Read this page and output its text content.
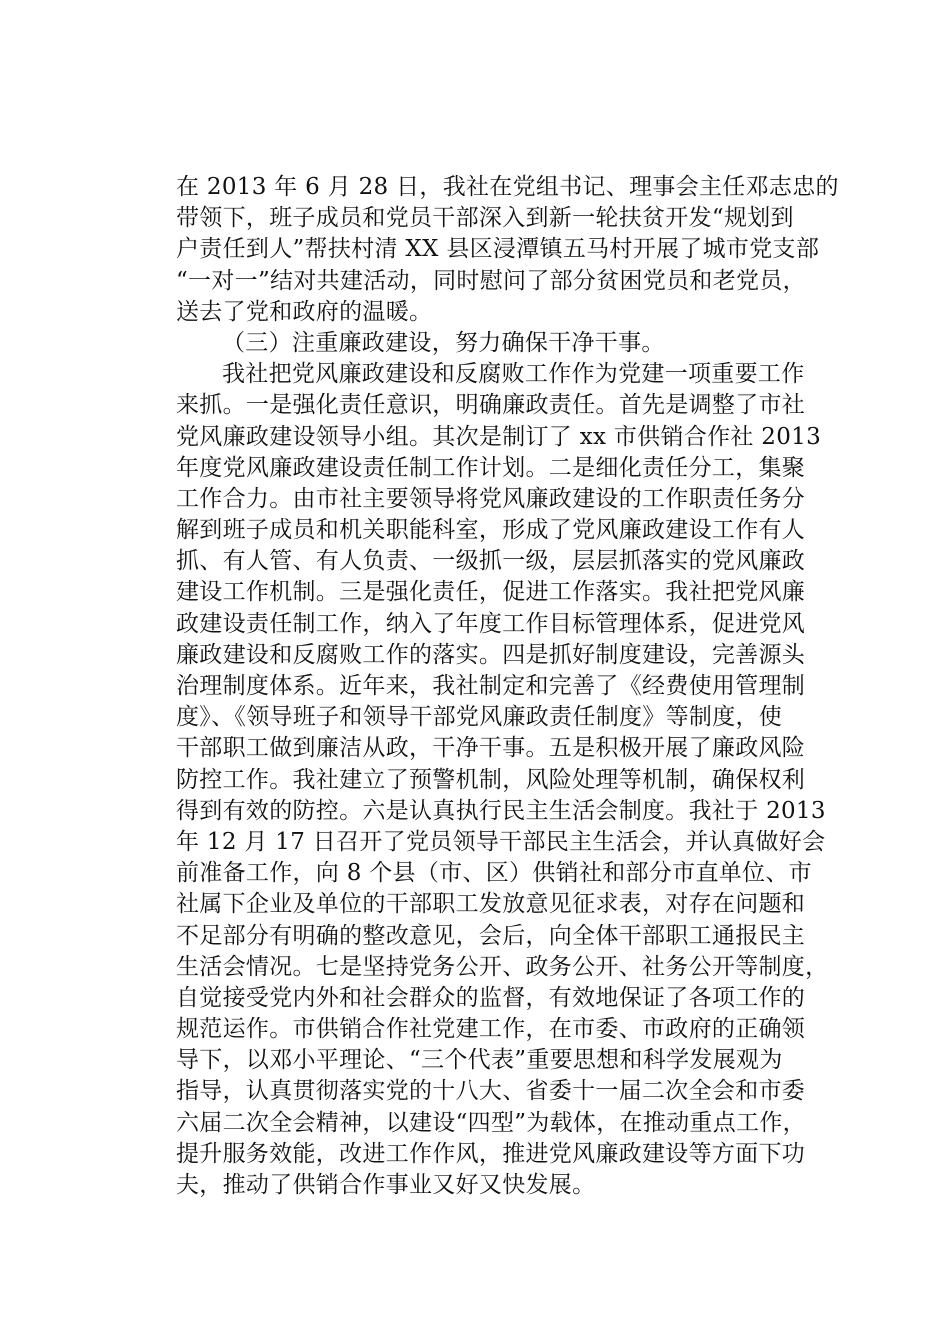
在 2013 年 6 月 28 日，我社在党组书记、理事会主任邓志忠的
带领下，班子成员和党员干部深入到新一轮扶贫开发“规划到
户责任到人”帮扶村清 XX 县区浸潭镇五马村开展了城市党支部
“一对一”结对共建活动，同时慰问了部分贫困党员和老党员，
送去了党和政府的温暖。
（三）注重廉政建设，努力确保干净干事。
我社把党风廉政建设和反腐败工作作为党建一项重要工作
来抓。一是强化责任意识，明确廉政责任。首先是调整了市社
党风廉政建设领导小组。其次是制订了 xx 市供销合作社 2013
年度党风廉政建设责任制工作计划。二是细化责任分工，集聚
工作合力。由市社主要领导将党风廉政建设的工作职责任务分
解到班子成员和机关职能科室，形成了党风廉政建设工作有人
抓、有人管、有人负责、一级抓一级，层层抓落实的党风廉政
建设工作机制。三是强化责任，促进工作落实。我社把党风廉
政建设责任制工作，纳入了年度工作目标管理体系，促进党风
廉政建设和反腐败工作的落实。四是抓好制度建设，完善源头
治理制度体系。近年来，我社制定和完善了《经费使用管理制
度》、《领导班子和领导干部党风廉政责任制度》等制度，使
干部职工做到廉洁从政，干净干事。五是积极开展了廉政风险
防控工作。我社建立了预警机制，风险处理等机制，确保权利
得到有效的防控。六是认真执行民主生活会制度。我社于 2013
年 12 月 17 日召开了党员领导干部民主生活会，并认真做好会
前准备工作，向 8 个县（市、区）供销社和部分市直单位、市
社属下企业及单位的干部职工发放意见征求表，对存在问题和
不足部分有明确的整改意见，会后，向全体干部职工通报民主
生活会情况。七是坚持党务公开、政务公开、社务公开等制度，
自觉接受党内外和社会群众的监督，有效地保证了各项工作的
规范运作。市供销合作社党建工作，在市委、市政府的正确领
导下，以邓小平理论、“三个代表”重要思想和科学发展观为
指导，认真贯彻落实党的十八大、省委十一届二次全会和市委
六届二次全会精神，以建设“四型”为载体，在推动重点工作，
提升服务效能，改进工作作风，推进党风廉政建设等方面下功
夫，推动了供销合作事业又好又快发展。
